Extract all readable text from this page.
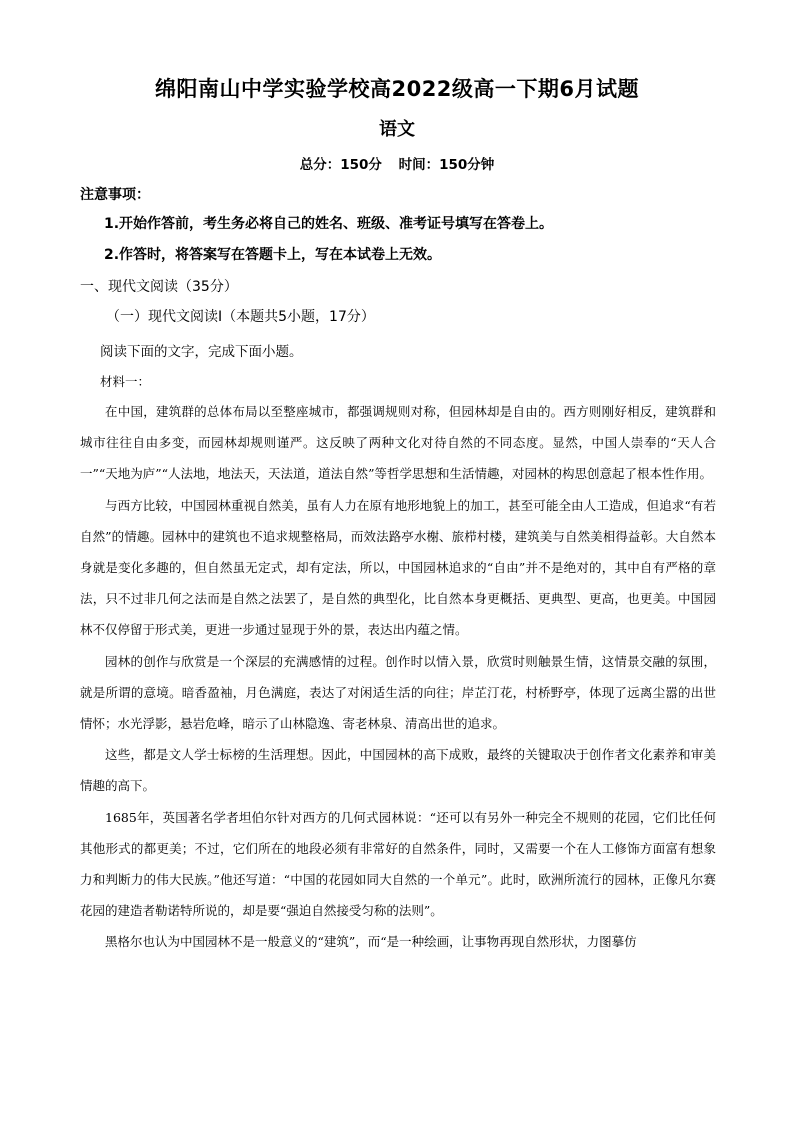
绵阳南山中学实验学校高2022级高一下期6月试题
语文
总分：150分 时间：150分钟
注意事项：
1.开始作答前，考生务必将自己的姓名、班级、准考证号填写在答卷上。
2.作答时，将答案写在答题卡上，写在本试卷上无效。
一、现代文阅读（35分）
（一）现代文阅读Ⅰ（本题共5小题，17分）
阅读下面的文字，完成下面小题。
材料一：

在中国，建筑群的总体布局以至整座城市，都强调规则对称，但园林却是自由的。西方则刚好相反，建筑群和城市往往自由多变，而园林却规则谨严。这反映了两种文化对待自然的不同态度。显然，中国人崇奉的“天人合一”“天地为庐”“人法地，地法天，天法道，道法自然”等哲学思想和生活情趣，对园林的构思创意起了根本性作用。

与西方比较，中国园林重视自然美，虽有人力在原有地形地貌上的加工，甚至可能全由人工造成，但追求“有若自然”的情趣。园林中的建筑也不追求规整格局，而效法路亭水榭、旅栉村楼，建筑美与自然美相得益彰。大自然本身就是变化多趣的，但自然虽无定式，却有定法，所以，中国园林追求的“自由”并不是绝对的，其中自有严格的章法，只不过非几何之法而是自然之法罢了，是自然的典型化，比自然本身更概括、更典型、更高，也更美。中国园林不仅停留于形式美，更进一步通过显现于外的景，表达出内蕴之情。

园林的创作与欣赏是一个深层的充满感情的过程。创作时以情入景，欣赏时则触景生情，这情景交融的氛围，就是所谓的意境。暗香盈袖，月色满庭，表达了对闲适生活的向往；岸芷汀花，村桥野亭，体现了远离尘嚣的出世情怀；水光浮影，悬岩危峰，暗示了山林隐逸、寄老林泉、清高出世的追求。

这些，都是文人学士标榜的生活理想。因此，中国园林的高下成败，最终的关键取决于创作者文化素养和审美情趣的高下。

1685年，英国著名学者坦伯尔针对西方的几何式园林说：“还可以有另外一种完全不规则的花园，它们比任何其他形式的都更美；不过，它们所在的地段必须有非常好的自然条件，同时，又需要一个在人工修饰方面富有想象力和判断力的伟大民族。”他还写道：“中国的花园如同大自然的一个单元”。此时，欧洲所流行的园林，正像凡尔赛花园的建造者勒诺特所说的，却是要“强迫自然接受匀称的法则”。

黑格尔也认为中国园林不是一般意义的“建筑”，而“是一种绘画，让事物再现自然形状，力图摹仿
